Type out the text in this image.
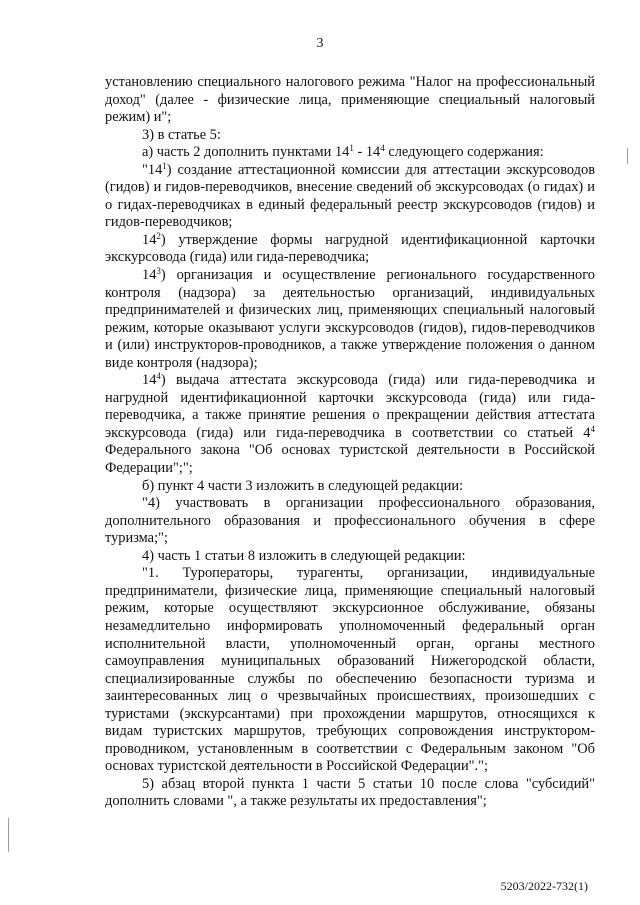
3

установлению специального налогового режима "Налог на профессиональный доход" (далее - физические лица, применяющие специальный налоговый режим) и";

3) в статье 5:

а) часть 2 дополнить пунктами $14^1 - 14^4$ следующего содержания:

"$14^1$) создание аттестационной комиссии для аттестации экскурсоводов (гидов) и гидов-переводчиков, внесение сведений об экскурсоводах (о гидах) и о гидах-переводчиках в единый федеральный реестр экскурсоводов (гидов) и гидов-переводчиков;

$14^2$) утверждение формы нагрудной идентификационной карточки экскурсовода (гида) или гида-переводчика;

$14^3$) организация и осуществление регионального государственного контроля (надзора) за деятельностью организаций, индивидуальных предпринимателей и физических лиц, применяющих специальный налоговый режим, которые оказывают услуги экскурсоводов (гидов), гидов-переводчиков и (или) инструкторов-проводников, а также утверждение положения о данном виде контроля (надзора);

$14^4$) выдача аттестата экскурсовода (гида) или гида-переводчика и нагрудной идентификационной карточки экскурсовода (гида) или гида-переводчика, а также принятие решения о прекращении действия аттестата экскурсовода (гида) или гида-переводчика в соответствии со статьей $4^4$ Федерального закона "Об основах туристской деятельности в Российской Федерации";";

б) пункт 4 части 3 изложить в следующей редакции:

"4) участвовать в организации профессионального образования, дополнительного образования и профессионального обучения в сфере туризма;";

4) часть 1 статьи 8 изложить в следующей редакции:

"1. Туроператоры, турагенты, организации, индивидуальные предприниматели, физические лица, применяющие специальный налоговый режим, которые осуществляют экскурсионное обслуживание, обязаны незамедлительно информировать уполномоченный федеральный орган исполнительной власти, уполномоченный орган, органы местного самоуправления муниципальных образований Нижегородской области, специализированные службы по обеспечению безопасности туризма и заинтересованных лиц о чрезвычайных происшествиях, произошедших с туристами (экскурсантами) при прохождении маршрутов, относящихся к видам туристских маршрутов, требующих сопровождения инструктором-проводником, установленным в соответствии с Федеральным законом "Об основах туристской деятельности в Российской Федерации".";

5) абзац второй пункта 1 части 5 статьи 10 после слова "субсидий" дополнить словами ", а также результаты их предоставления";

5203/2022-732(1)
